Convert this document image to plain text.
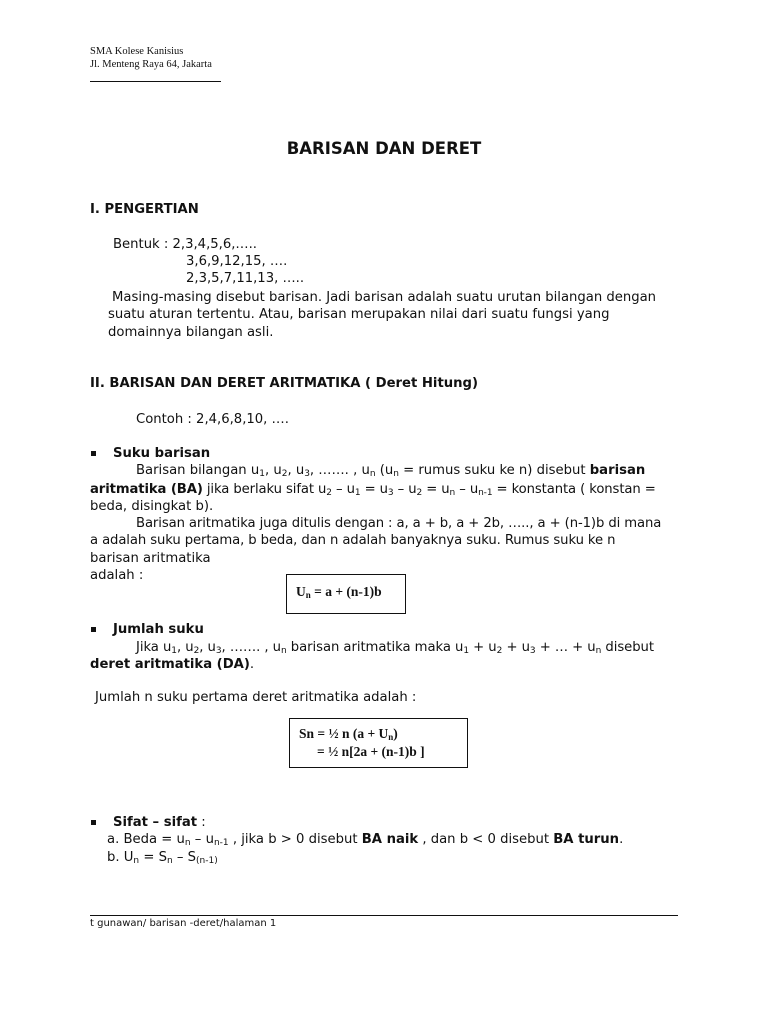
SMA Kolese Kanisius
Jl. Menteng Raya 64, Jakarta
BARISAN DAN DERET
I. PENGERTIAN
Bentuk : 2,3,4,5,6,…..
3,6,9,12,15, ….
2,3,5,7,11,13, …..
Masing-masing disebut barisan. Jadi barisan adalah suatu urutan bilangan dengan
suatu aturan tertentu. Atau, barisan merupakan nilai dari suatu fungsi yang
domainnya bilangan asli.
II. BARISAN DAN DERET ARITMATIKA ( Deret Hitung)
Contoh : 2,4,6,8,10, ….
Suku barisan
Barisan bilangan $u_1$, $u_2$, $u_3$, ……. , $u_n$ ($u_n$ = rumus suku ke n) disebut barisan
aritmatika (BA) jika berlaku sifat $u_2 - u_1 = u_3 - u_2 = u_n - u_{n-1}$ = konstanta ( konstan =
beda, disingkat b).
Barisan aritmatika juga ditulis dengan : a, a + b, a + 2b, ….., a + (n-1)b di mana
a adalah suku pertama, b beda, dan n adalah banyaknya suku. Rumus suku ke n
barisan aritmatika
adalah :
$U_n = a + (n-1)b$
Jumlah suku
Jika $u_1$, $u_2$, $u_3$, ……. , $u_n$ barisan aritmatika maka $u_1 + u_2 + u_3$ + … + $u_n$ disebut
deret aritmatika (DA).
Jumlah n suku pertama deret aritmatika adalah :
Sn = ½ n $(a + U_n)$
= ½ n[2a + (n-1)b ]
Sifat – sifat :
a. Beda = $u_n - u_{n-1}$ , jika b > 0 disebut BA naik , dan b < 0 disebut BA turun.
b. $U_n = S_n - S_{(n-1)}$
t gunawan/ barisan -deret/halaman 1
